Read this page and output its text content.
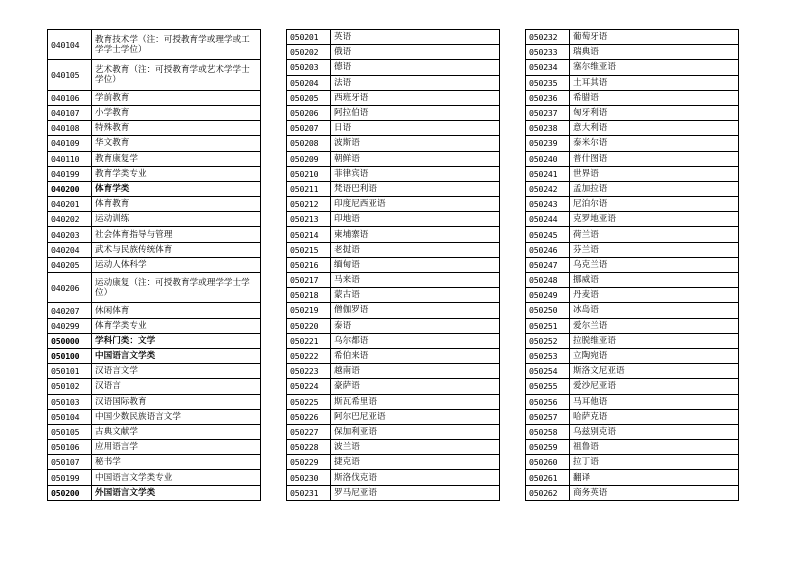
040104	教育技术学（注：可授教育学或理学或工学学士学位）
040105	艺术教育（注：可授教育学或艺术学学士学位）
040106	学前教育
040107	小学教育
040108	特殊教育
040109	华文教育
040110	教育康复学
040199	教育学类专业
040200	体育学类
040201	体育教育
040202	运动训练
040203	社会体育指导与管理
040204	武术与民族传统体育
040205	运动人体科学
040206	运动康复（注：可授教育学或理学学士学位）
040207	休闲体育
040299	体育学类专业
050000	学科门类：文学
050100	中国语言文学类
050101	汉语言文学
050102	汉语言
050103	汉语国际教育
050104	中国少数民族语言文学
050105	古典文献学
050106	应用语言学
050107	秘书学
050199	中国语言文学类专业
050200	外国语言文学类
050201	英语
050202	俄语
050203	德语
050204	法语
050205	西班牙语
050206	阿拉伯语
050207	日语
050208	波斯语
050209	朝鲜语
050210	菲律宾语
050211	梵语巴利语
050212	印度尼西亚语
050213	印地语
050214	柬埔寨语
050215	老挝语
050216	缅甸语
050217	马来语
050218	蒙古语
050219	僧伽罗语
050220	泰语
050221	乌尔都语
050222	希伯来语
050223	越南语
050224	豪萨语
050225	斯瓦希里语
050226	阿尔巴尼亚语
050227	保加利亚语
050228	波兰语
050229	捷克语
050230	斯洛伐克语
050231	罗马尼亚语
050232	葡萄牙语
050233	瑞典语
050234	塞尔维亚语
050235	土耳其语
050236	希腊语
050237	匈牙利语
050238	意大利语
050239	泰米尔语
050240	普什图语
050241	世界语
050242	孟加拉语
050243	尼泊尔语
050244	克罗地亚语
050245	荷兰语
050246	芬兰语
050247	乌克兰语
050248	挪威语
050249	丹麦语
050250	冰岛语
050251	爱尔兰语
050252	拉脱维亚语
050253	立陶宛语
050254	斯洛文尼亚语
050255	爱沙尼亚语
050256	马耳他语
050257	哈萨克语
050258	乌兹别克语
050259	祖鲁语
050260	拉丁语
050261	翻译
050262	商务英语
